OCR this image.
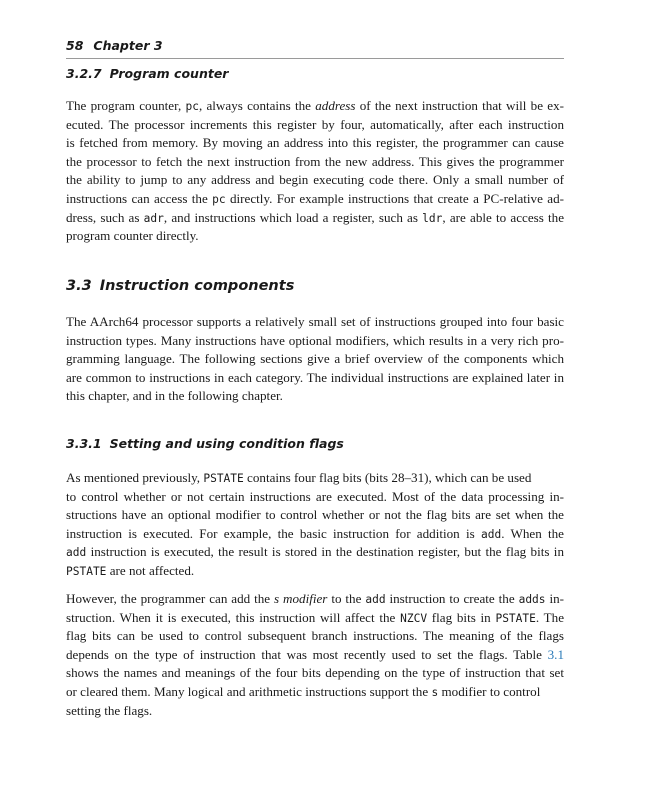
58 Chapter 3
3.2.7 Program counter
The program counter, pc, always contains the address of the next instruction that will be ex-
ecuted. The processor increments this register by four, automatically, after each instruction
is fetched from memory. By moving an address into this register, the programmer can cause
the processor to fetch the next instruction from the new address. This gives the programmer
the ability to jump to any address and begin executing code there. Only a small number of
instructions can access the pc directly. For example instructions that create a PC-relative ad-
dress, such as adr, and instructions which load a register, such as ldr, are able to access the
program counter directly.
3.3 Instruction components
The AArch64 processor supports a relatively small set of instructions grouped into four basic
instruction types. Many instructions have optional modifiers, which results in a very rich pro-
gramming language. The following sections give a brief overview of the components which
are common to instructions in each category. The individual instructions are explained later in
this chapter, and in the following chapter.
3.3.1 Setting and using condition flags
As mentioned previously, PSTATE contains four flag bits (bits 28–31), which can be used
to control whether or not certain instructions are executed. Most of the data processing in-
structions have an optional modifier to control whether or not the flag bits are set when the
instruction is executed. For example, the basic instruction for addition is add. When the
add instruction is executed, the result is stored in the destination register, but the flag bits in
PSTATE are not affected.
However, the programmer can add the s modifier to the add instruction to create the adds in-
struction. When it is executed, this instruction will affect the NZCV flag bits in PSTATE. The
flag bits can be used to control subsequent branch instructions. The meaning of the flags
depends on the type of instruction that was most recently used to set the flags. Table 3.1
shows the names and meanings of the four bits depending on the type of instruction that set
or cleared them. Many logical and arithmetic instructions support the s modifier to control
setting the flags.
